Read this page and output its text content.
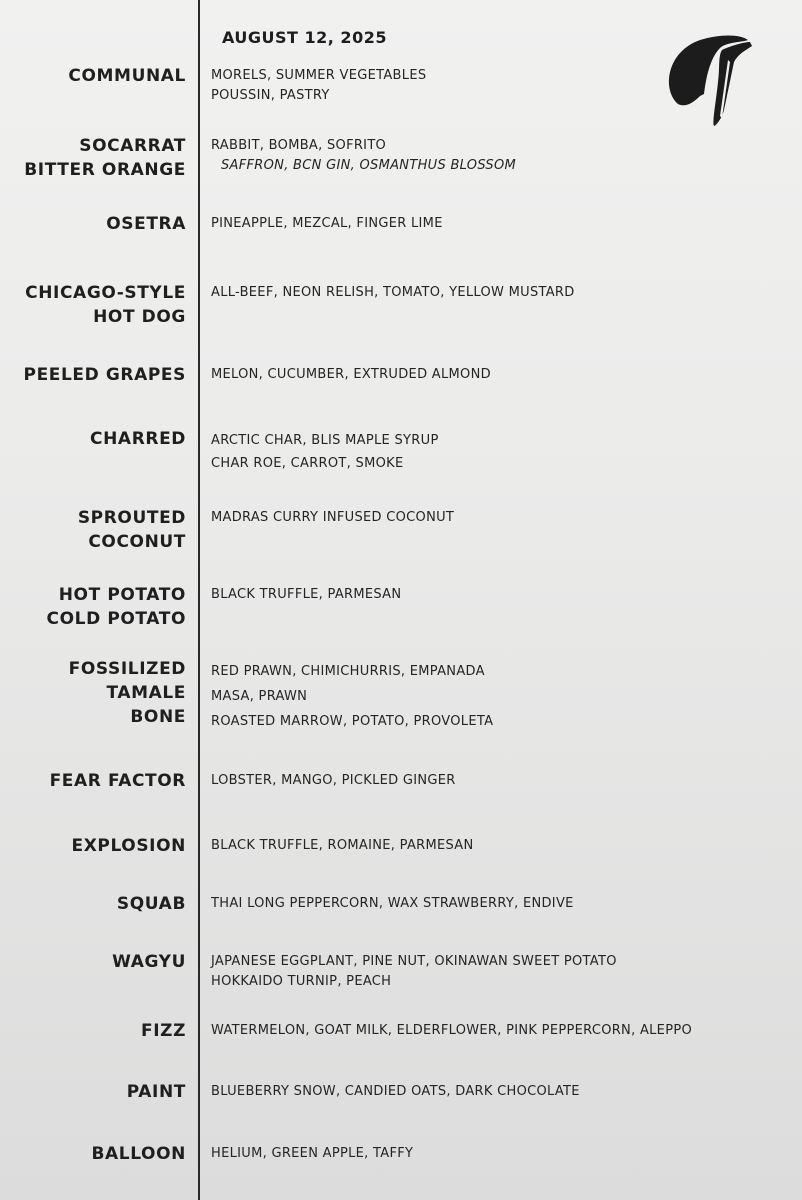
AUGUST 12, 2025
COMMUNAL MORELS, SUMMER VEGETABLES
POUSSIN, PASTRY
SOCARRAT
BITTER ORANGE
RABBIT, BOMBA, SOFRITO
SAFFRON, BCN GIN, OSMANTHUS BLOSSOM
OSETRA PINEAPPLE, MEZCAL, FINGER LIME
CHICAGO-STYLE
HOT DOG
ALL-BEEF, NEON RELISH, TOMATO, YELLOW MUSTARD
PEELED GRAPES MELON, CUCUMBER, EXTRUDED ALMOND
CHARRED ARCTIC CHAR, BLIS MAPLE SYRUP
CHAR ROE, CARROT, SMOKE
SPROUTED
COCONUT
MADRAS CURRY INFUSED COCONUT
HOT POTATO
COLD POTATO
BLACK TRUFFLE, PARMESAN
FOSSILIZED
TAMALE
BONE
RED PRAWN, CHIMICHURRIS, EMPANADA
MASA, PRAWN
ROASTED MARROW, POTATO, PROVOLETA
FEAR FACTOR LOBSTER, MANGO, PICKLED GINGER
EXPLOSION BLACK TRUFFLE, ROMAINE, PARMESAN
SQUAB THAI LONG PEPPERCORN, WAX STRAWBERRY, ENDIVE
WAGYU JAPANESE EGGPLANT, PINE NUT, OKINAWAN SWEET POTATO
HOKKAIDO TURNIP, PEACH
FIZZ WATERMELON, GOAT MILK, ELDERFLOWER, PINK PEPPERCORN, ALEPPO
PAINT BLUEBERRY SNOW, CANDIED OATS, DARK CHOCOLATE
BALLOON HELIUM, GREEN APPLE, TAFFY
